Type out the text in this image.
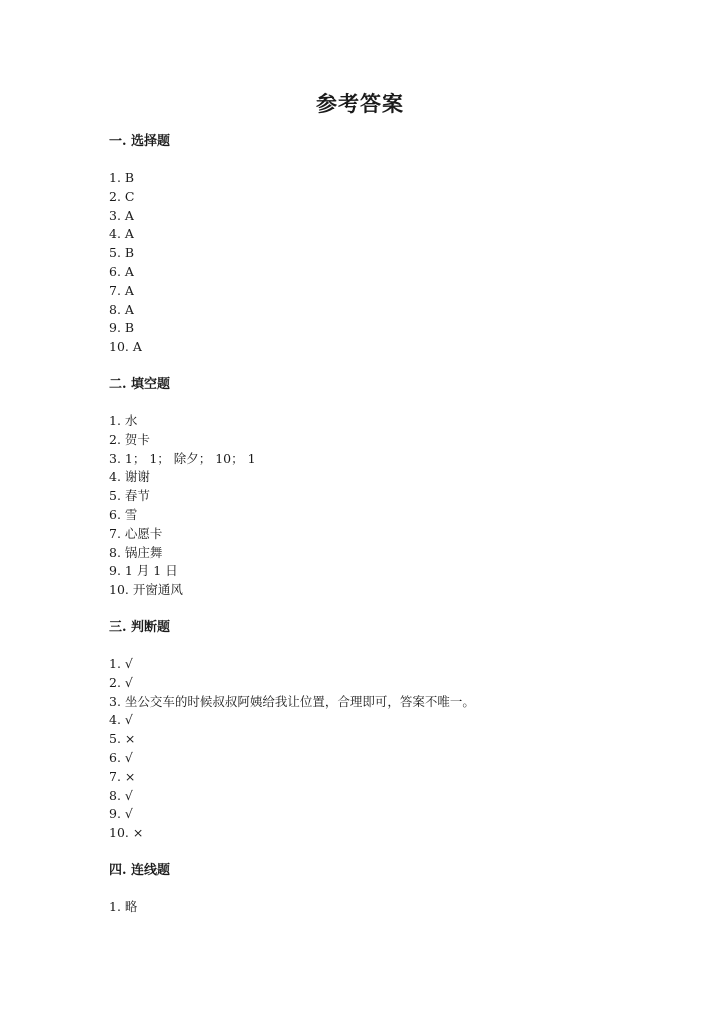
参考答案
一. 选择题
1. B
2. C
3. A
4. A
5. B
6. A
7. A
8. A
9. B
10. A
二. 填空题
1. 水
2. 贺卡
3. 1； 1； 除夕； 10； 1
4. 谢谢
5. 春节
6. 雪
7. 心愿卡
8. 锅庄舞
9. 1 月 1 日
10. 开窗通风
三. 判断题
1. √
2. √
3. 坐公交车的时候叔叔阿姨给我让位置，合理即可，答案不唯一。
4. √
5. ×
6. √
7. ×
8. √
9. √
10. ×
四. 连线题
1. 略
